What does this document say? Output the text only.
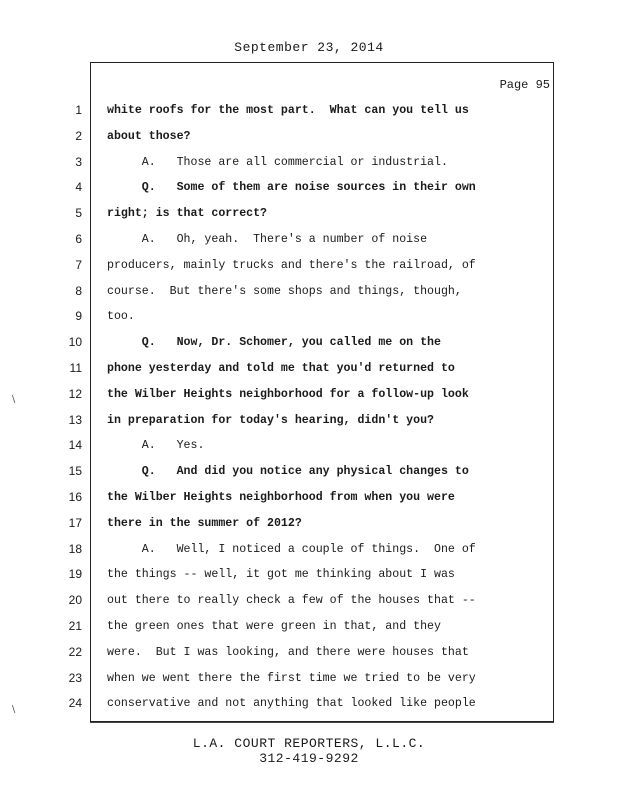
September 23, 2014
Page 95
1
2
3
4
5
6
7
8
9
10
11
12
13
14
15
16
17
18
19
20
21
22
23
24
white roofs for the most part.  What can you tell us
about those?
A.   Those are all commercial or industrial.
Q.   Some of them are noise sources in their own
right; is that correct?
A.   Oh, yeah.  There's a number of noise
producers, mainly trucks and there's the railroad, of
course.  But there's some shops and things, though,
too.
Q.   Now, Dr. Schomer, you called me on the
phone yesterday and told me that you'd returned to
the Wilber Heights neighborhood for a follow-up look
in preparation for today's hearing, didn't you?
A.   Yes.
Q.   And did you notice any physical changes to
the Wilber Heights neighborhood from when you were
there in the summer of 2012?
A.   Well, I noticed a couple of things.  One of
the things -- well, it got me thinking about I was
out there to really check a few of the houses that --
the green ones that were green in that, and they
were.  But I was looking, and there were houses that
when we went there the first time we tried to be very
conservative and not anything that looked like people
L.A. COURT REPORTERS, L.L.C.
312-419-9292
∖
∖
